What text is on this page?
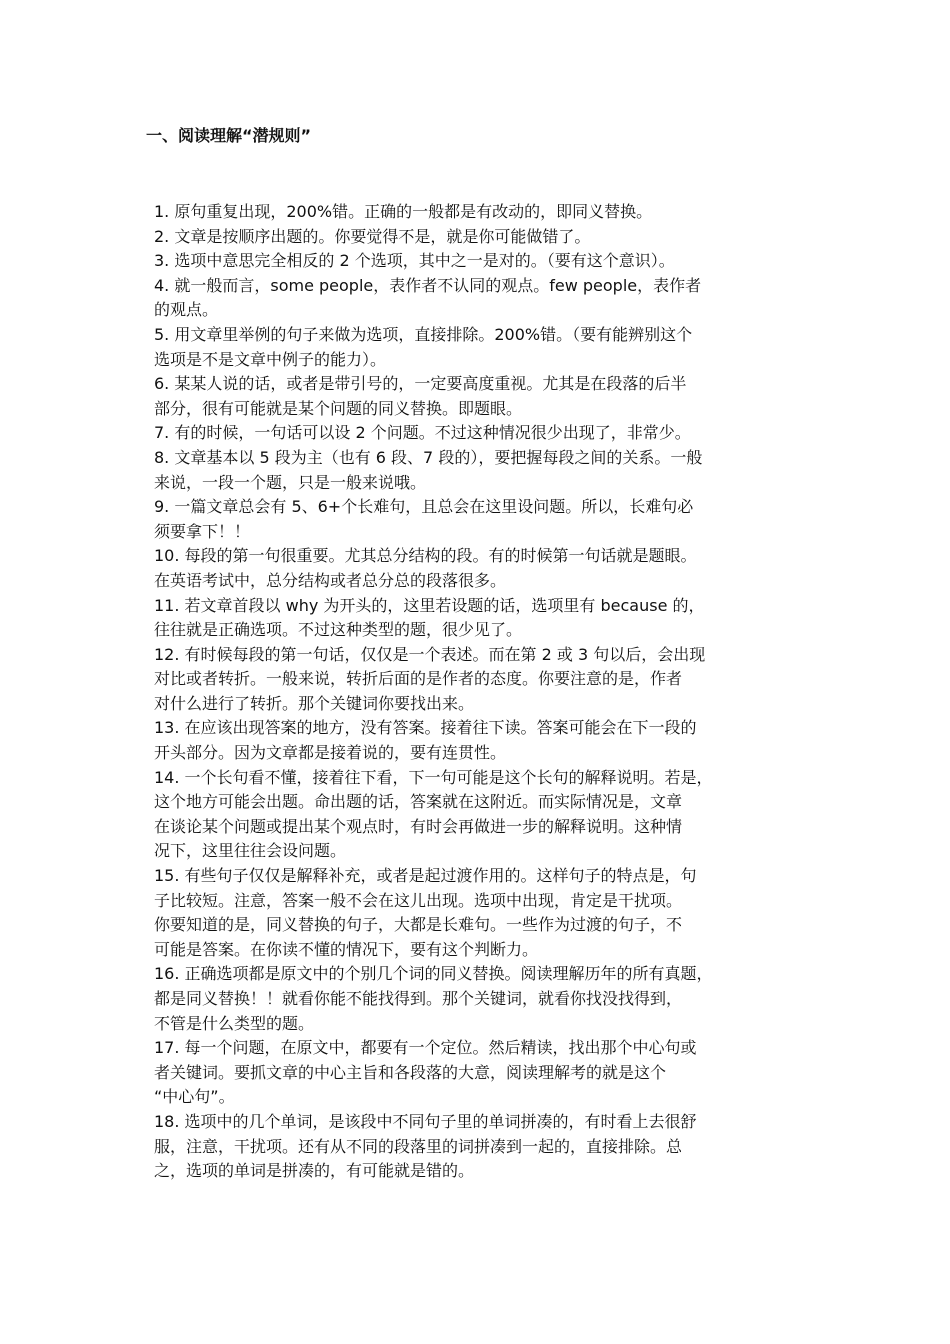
一、阅读理解“潜规则”
1. 原句重复出现，200%错。正确的一般都是有改动的，即同义替换。
2. 文章是按顺序出题的。你要觉得不是，就是你可能做错了。
3. 选项中意思完全相反的 2 个选项，其中之一是对的。（要有这个意识）。
4. 就一般而言，some people，表作者不认同的观点。few people，表作者
的观点。
5. 用文章里举例的句子来做为选项，直接排除。200%错。（要有能辨别这个
选项是不是文章中例子的能力）。
6. 某某人说的话，或者是带引号的，一定要高度重视。尤其是在段落的后半
部分，很有可能就是某个问题的同义替换。即题眼。
7. 有的时候，一句话可以设 2 个问题。不过这种情况很少出现了，非常少。
8. 文章基本以 5 段为主（也有 6 段、7 段的），要把握每段之间的关系。一般
来说，一段一个题，只是一般来说哦。
9. 一篇文章总会有 5、6+个长难句，且总会在这里设问题。所以，长难句必
须要拿下！！
10. 每段的第一句很重要。尤其总分结构的段。有的时候第一句话就是题眼。
在英语考试中，总分结构或者总分总的段落很多。
11. 若文章首段以 why 为开头的，这里若设题的话，选项里有 because 的，
往往就是正确选项。不过这种类型的题，很少见了。
12. 有时候每段的第一句话，仅仅是一个表述。而在第 2 或 3 句以后，会出现
对比或者转折。一般来说，转折后面的是作者的态度。你要注意的是，作者
对什么进行了转折。那个关键词你要找出来。
13. 在应该出现答案的地方，没有答案。接着往下读。答案可能会在下一段的
开头部分。因为文章都是接着说的，要有连贯性。
14. 一个长句看不懂，接着往下看，下一句可能是这个长句的解释说明。若是，
这个地方可能会出题。命出题的话，答案就在这附近。而实际情况是，文章
在谈论某个问题或提出某个观点时，有时会再做进一步的解释说明。这种情
况下，这里往往会设问题。
15. 有些句子仅仅是解释补充，或者是起过渡作用的。这样句子的特点是，句
子比较短。注意，答案一般不会在这儿出现。选项中出现，肯定是干扰项。
你要知道的是，同义替换的句子，大都是长难句。一些作为过渡的句子，不
可能是答案。在你读不懂的情况下，要有这个判断力。
16. 正确选项都是原文中的个别几个词的同义替换。阅读理解历年的所有真题，
都是同义替换！！就看你能不能找得到。那个关键词，就看你找没找得到，
不管是什么类型的题。
17. 每一个问题，在原文中，都要有一个定位。然后精读，找出那个中心句或
者关键词。要抓文章的中心主旨和各段落的大意，阅读理解考的就是这个
“中心句”。
18. 选项中的几个单词，是该段中不同句子里的单词拼凑的，有时看上去很舒
服，注意，干扰项。还有从不同的段落里的词拼凑到一起的，直接排除。总
之，选项的单词是拼凑的，有可能就是错的。
